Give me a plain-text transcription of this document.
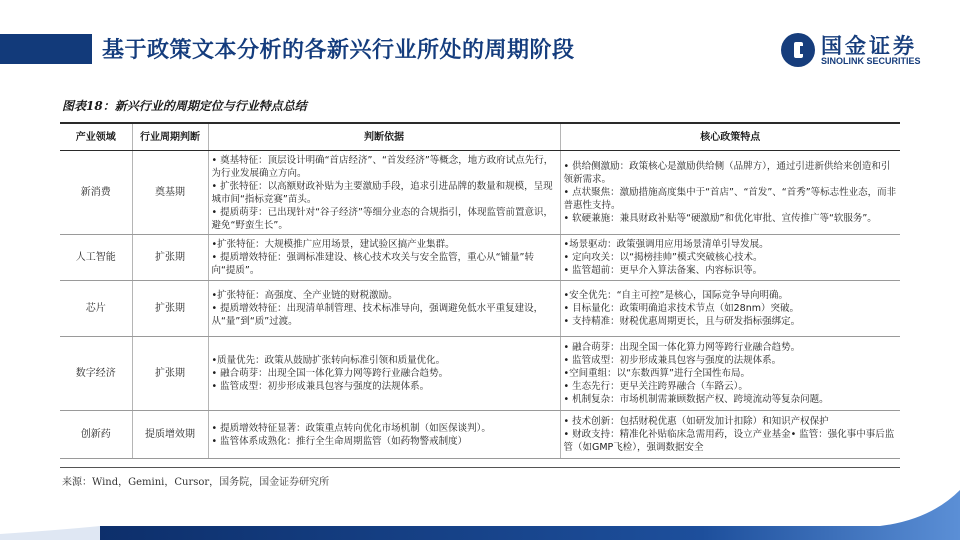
基于政策文本分析的各新兴行业所处的周期阶段	国金证券
SINOLINK SECURITIES
图表18：新兴行业的周期定位与行业特点总结
产业领域	行业周期判断	判断依据	核心政策特点
新消费	奠基期	• 奠基特征：顶层设计明确“首店经济”、“首发经济”等概念，地方政府试点先行，为行业发展确立方向。
• 扩张特征：以高额财政补贴为主要激励手段，追求引进品牌的数量和规模，呈现城市间“指标竞赛”苗头。
• 提质萌芽：已出现针对“谷子经济”等细分业态的合规指引，体现监管前置意识，避免“野蛮生长”。	• 供给侧激励：政策核心是激励供给侧（品牌方），通过引进新供给来创造和引领新需求。
• 点状聚焦：激励措施高度集中于“首店”、“首发”、“首秀”等标志性业态，而非普惠性支持。
• 软硬兼施：兼具财政补贴等“硬激励”和优化审批、宣传推广等“软服务”。

人工智能	扩张期	•扩张特征：大规模推广应用场景，建试验区搞产业集群。
• 提质增效特征：强调标准建设、核心技术攻关与安全监管，重心从“铺量”转向“提质”。	•场景驱动：政策强调用应用场景清单引导发展。
• 定向攻关：以“揭榜挂帅”模式突破核心技术。
• 监管超前：更早介入算法备案、内容标识等。

芯片	扩张期	•扩张特征：高强度、全产业链的财税激励。
• 提质增效特征：出现清单制管理、技术标准导向，强调避免低水平重复建设，从“量”到“质”过渡。	•安全优先：“自主可控”是核心，国际竞争导向明确。
• 目标量化：政策明确追求技术节点（如28nm）突破。
• 支持精准：财税优惠周期更长，且与研发指标强绑定。

数字经济	扩张期	•质量优先：政策从鼓励扩张转向标准引领和质量优化。
• 融合萌芽：出现全国一体化算力网等跨行业融合趋势。
• 监管成型：初步形成兼具包容与强度的法规体系。	• 融合萌芽：出现全国一体化算力网等跨行业融合趋势。
• 监管成型：初步形成兼具包容与强度的法规体系。
•空间重组：以“东数西算”进行全国性布局。
• 生态先行：更早关注跨界融合（车路云）。
• 机制复杂：市场机制需兼顾数据产权、跨境流动等复杂问题。

创新药	提质增效期	• 提质增效特征显著：政策重点转向优化市场机制（如医保谈判）。
• 监管体系成熟化：推行全生命周期监管（如药物警戒制度）	• 技术创新：包括财税优惠（如研发加计扣除）和知识产权保护
• 财政支持：精准化补贴临床急需用药，设立产业基金• 监管：强化事中事后监管（如GMP飞检），强调数据安全
来源：Wind，Gemini，Cursor，国务院，国金证券研究所
